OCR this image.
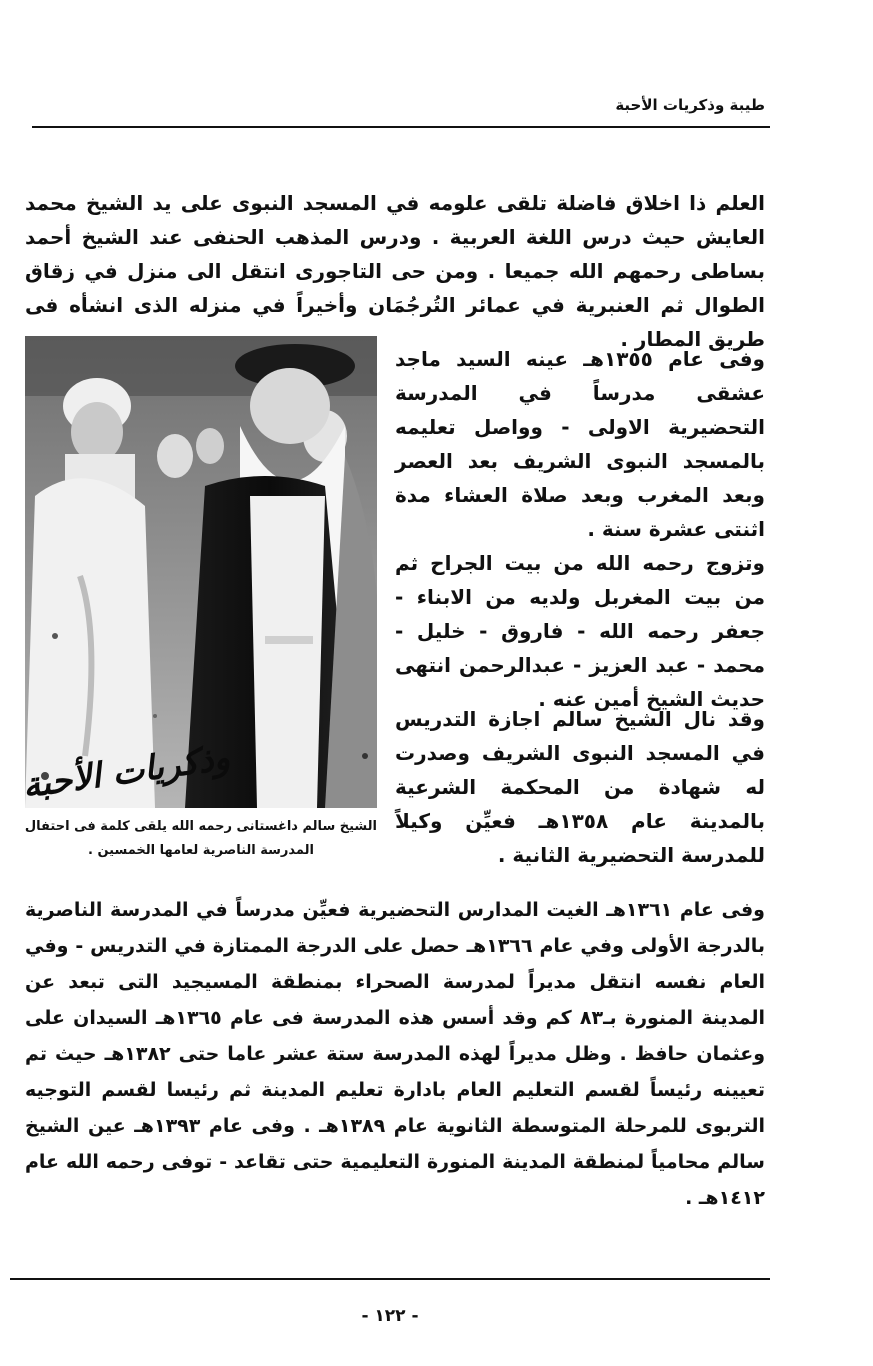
طيبة وذكريات الأحبة

العلم ذا اخلاق فاضلة تلقى علومه في المسجد النبوى على يد الشيخ محمد العايش حيث درس اللغة العربية . ودرس المذهب الحنفى عند الشيخ أحمد بساطى رحمهم الله جميعا . ومن حى التاجورى انتقل الى منزل في زقاق الطوال ثم العنبرية في عمائر التُرجُمَان وأخيراً في منزله الذى انشأه فى طريق المطار .

وذكريات الأحبة
الشيخ سالم داغستانى رحمه الله يلقى كلمة فى احتفال
المدرسة الناصرية لعامها الخمسين .

وفى عام ١٣٥٥هـ عينه السيد ماجد عشقى مدرساً في المدرسة التحضيرية الاولى - وواصل تعليمه بالمسجد النبوى الشريف بعد العصر وبعد المغرب وبعد صلاة العشاء مدة اثنتى عشرة سنة .

وتزوج رحمه الله من بيت الجراح ثم من بيت المغربل ولديه من الابناء - جعفر رحمه الله - فاروق - خليل - محمد - عبد العزيز - عبدالرحمن انتهى حديث الشيخ أمين عنه .

وقد نال الشيخ سالم اجازة التدريس في المسجد النبوى الشريف وصدرت له شهادة من المحكمة الشرعية بالمدينة عام ١٣٥٨هـ فعيِّن وكيلاً للمدرسة التحضيرية الثانية .

وفى عام ١٣٦١هـ الغيت المدارس التحضيرية فعيِّن مدرساً في المدرسة الناصرية بالدرجة الأولى وفي عام ١٣٦٦هـ حصل على الدرجة الممتازة في التدريس - وفي العام نفسه انتقل مديراً لمدرسة الصحراء بمنطقة المسيجيد التى تبعد عن المدينة المنورة بـ٨٣ كم وقد أسس هذه المدرسة فى عام ١٣٦٥هـ السيدان على وعثمان حافظ . وظل مديراً لهذه المدرسة ستة عشر عاما حتى ١٣٨٢هـ حيث تم تعيينه رئيساً لقسم التعليم العام بادارة تعليم المدينة ثم رئيسا لقسم التوجيه التربوى للمرحلة المتوسطة الثانوية عام ١٣٨٩هـ . وفى عام ١٣٩٣هـ عين الشيخ سالم محامياً لمنطقة المدينة المنورة التعليمية حتى تقاعد - توفى رحمه الله عام ١٤١٢هـ .

- ١٢٢ -
